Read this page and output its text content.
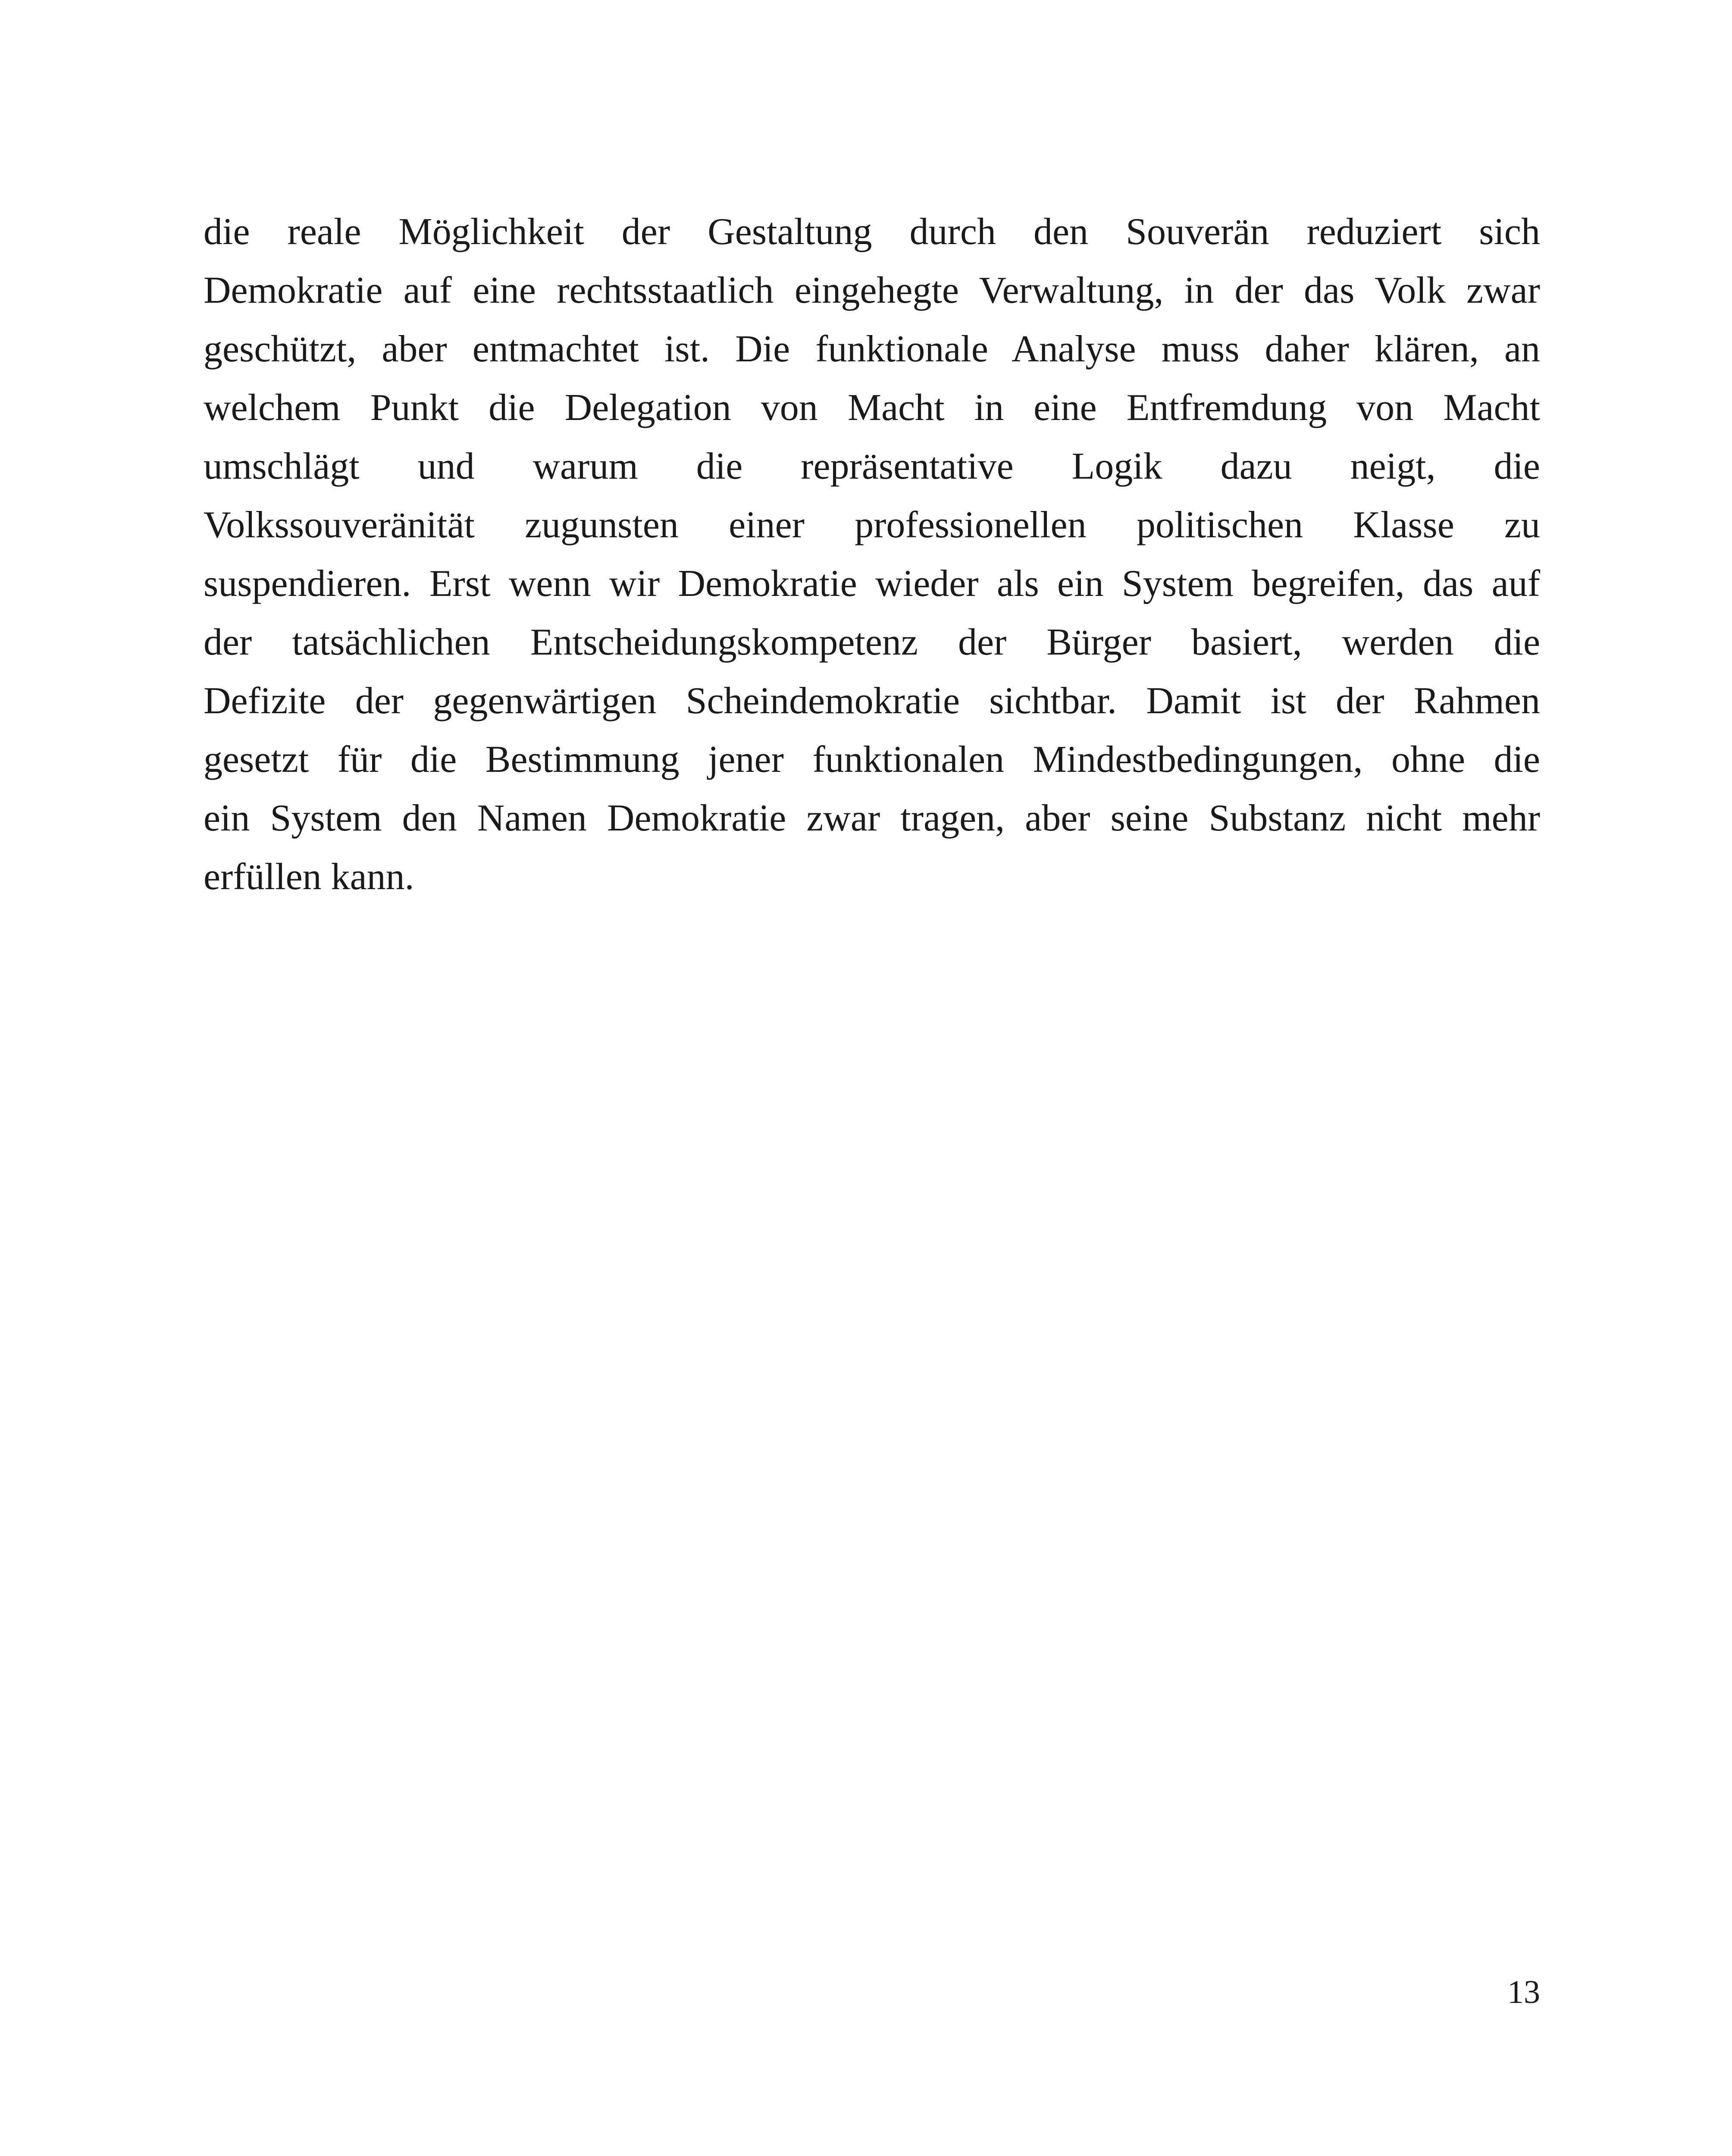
die reale Möglichkeit der Gestaltung durch den Souverän reduziert sich
Demokratie auf eine rechtsstaatlich eingehegte Verwaltung, in der das Volk zwar
geschützt, aber entmachtet ist. Die funktionale Analyse muss daher klären, an
welchem Punkt die Delegation von Macht in eine Entfremdung von Macht
umschlägt und warum die repräsentative Logik dazu neigt, die
Volkssouveränität zugunsten einer professionellen politischen Klasse zu
suspendieren. Erst wenn wir Demokratie wieder als ein System begreifen, das auf
der tatsächlichen Entscheidungskompetenz der Bürger basiert, werden die
Defizite der gegenwärtigen Scheindemokratie sichtbar. Damit ist der Rahmen
gesetzt für die Bestimmung jener funktionalen Mindestbedingungen, ohne die
ein System den Namen Demokratie zwar tragen, aber seine Substanz nicht mehr
erfüllen kann.

13
